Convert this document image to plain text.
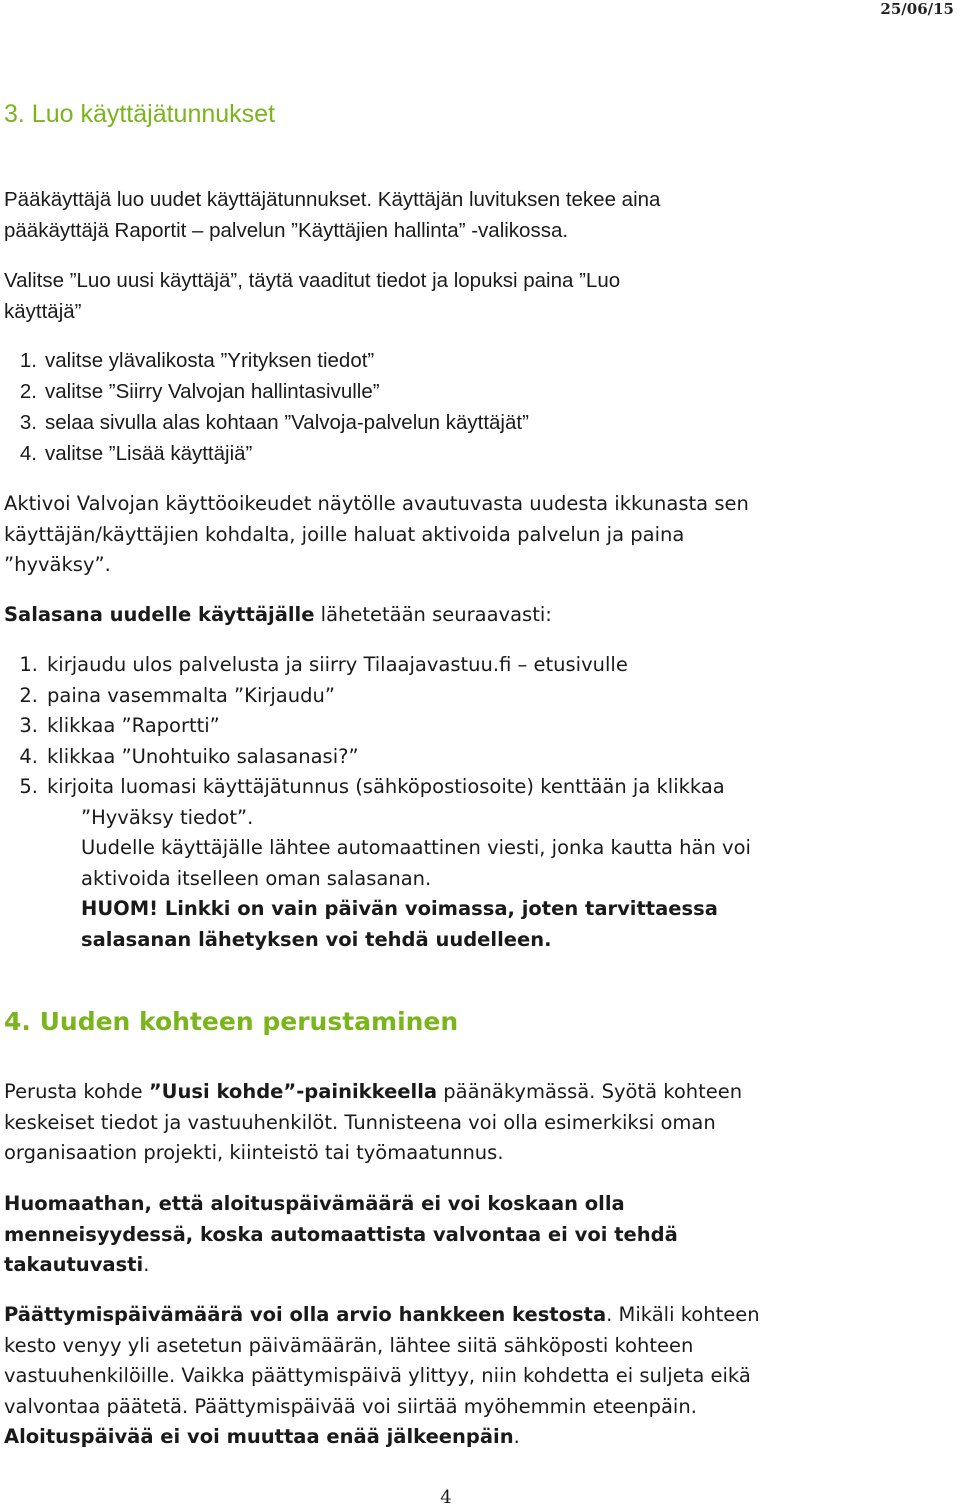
25/06/15
3. Luo käyttäjätunnukset
Pääkäyttäjä luo uudet käyttäjätunnukset. Käyttäjän luvituksen tekee aina
pääkäyttäjä Raportit – palvelun ”Käyttäjien hallinta” -valikossa.
Valitse ”Luo uusi käyttäjä”, täytä vaaditut tiedot ja lopuksi paina ”Luo
käyttäjä”
1. valitse ylävalikosta ”Yrityksen tiedot”
2. valitse ”Siirry Valvojan hallintasivulle”
3. selaa sivulla alas kohtaan ”Valvoja-palvelun käyttäjät”
4. valitse ”Lisää käyttäjiä”
Aktivoi Valvojan käyttöoikeudet näytölle avautuvasta uudesta ikkunasta sen
käyttäjän/käyttäjien kohdalta, joille haluat aktivoida palvelun ja paina
”hyväksy”.
Salasana uudelle käyttäjälle lähetetään seuraavasti:
1. kirjaudu ulos palvelusta ja siirry Tilaajavastuu.fi – etusivulle
2. paina vasemmalta ”Kirjaudu”
3. klikkaa ”Raportti”
4. klikkaa ”Unohtuiko salasanasi?”
5. kirjoita luomasi käyttäjätunnus (sähköpostiosoite) kenttään ja klikkaa
”Hyväksy tiedot”.
Uudelle käyttäjälle lähtee automaattinen viesti, jonka kautta hän voi
aktivoida itselleen oman salasanan.
HUOM! Linkki on vain päivän voimassa, joten tarvittaessa
salasanan lähetyksen voi tehdä uudelleen.
4. Uuden kohteen perustaminen
Perusta kohde ”Uusi kohde”-painikkeella päänäkymässä. Syötä kohteen
keskeiset tiedot ja vastuuhenkilöt. Tunnisteena voi olla esimerkiksi oman
organisaation projekti, kiinteistö tai työmaatunnus.
Huomaathan, että aloituspäivämäärä ei voi koskaan olla
menneisyydessä, koska automaattista valvontaa ei voi tehdä
takautuvasti.
Päättymispäivämäärä voi olla arvio hankkeen kestosta. Mikäli kohteen
kesto venyy yli asetetun päivämäärän, lähtee siitä sähköposti kohteen
vastuuhenkilöille. Vaikka päättymispäivä ylittyy, niin kohdetta ei suljeta eikä
valvontaa päätetä. Päättymispäivää voi siirtää myöhemmin eteenpäin.
Aloituspäivää ei voi muuttaa enää jälkeenpäin.
4
